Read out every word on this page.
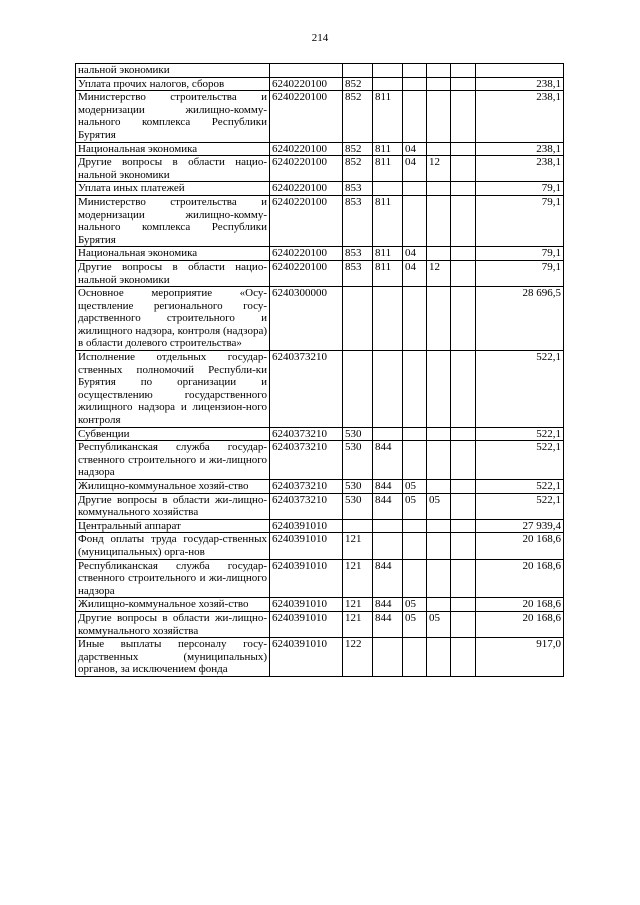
214
нальной экономики							
Уплата прочих налогов, сборов	6240220100	852					238,1
Министерство строительства и модернизации жилищно-комму-нального комплекса Республики Бурятия	6240220100	852	811				238,1
Национальная экономика	6240220100	852	811	04			238,1
Другие вопросы в области нацио-нальной экономики	6240220100	852	811	04	12		238,1
Уплата иных платежей	6240220100	853					79,1
Министерство строительства и модернизации жилищно-комму-нального комплекса Республики Бурятия	6240220100	853	811				79,1
Национальная экономика	6240220100	853	811	04			79,1
Другие вопросы в области нацио-нальной экономики	6240220100	853	811	04	12		79,1
Основное мероприятие «Осу-ществление регионального госу-дарственного строительного и жилищного надзора, контроля (надзора) в области долевого строительства»	6240300000						28 696,5
Исполнение отдельных государ-ственных полномочий Республи-ки Бурятия по организации и осуществлению государственного жилищного надзора и лицензион-ного контроля	6240373210						522,1
Субвенции	6240373210	530					522,1
Республиканская служба государ-ственного строительного и жи-лищного надзора	6240373210	530	844				522,1
Жилищно-коммунальное хозяй-ство	6240373210	530	844	05			522,1
Другие вопросы в области жи-лищно-коммунального хозяйства	6240373210	530	844	05	05		522,1
Центральный аппарат	6240391010						27 939,4
Фонд оплаты труда государ-ственных (муниципальных) орга-нов	6240391010	121					20 168,6
Республиканская служба государ-ственного строительного и жи-лищного надзора	6240391010	121	844				20 168,6
Жилищно-коммунальное хозяй-ство	6240391010	121	844	05			20 168,6
Другие вопросы в области жи-лищно-коммунального хозяйства	6240391010	121	844	05	05		20 168,6
Иные выплаты персоналу госу-дарственных (муниципальных) органов, за исключением фонда	6240391010	122					917,0
